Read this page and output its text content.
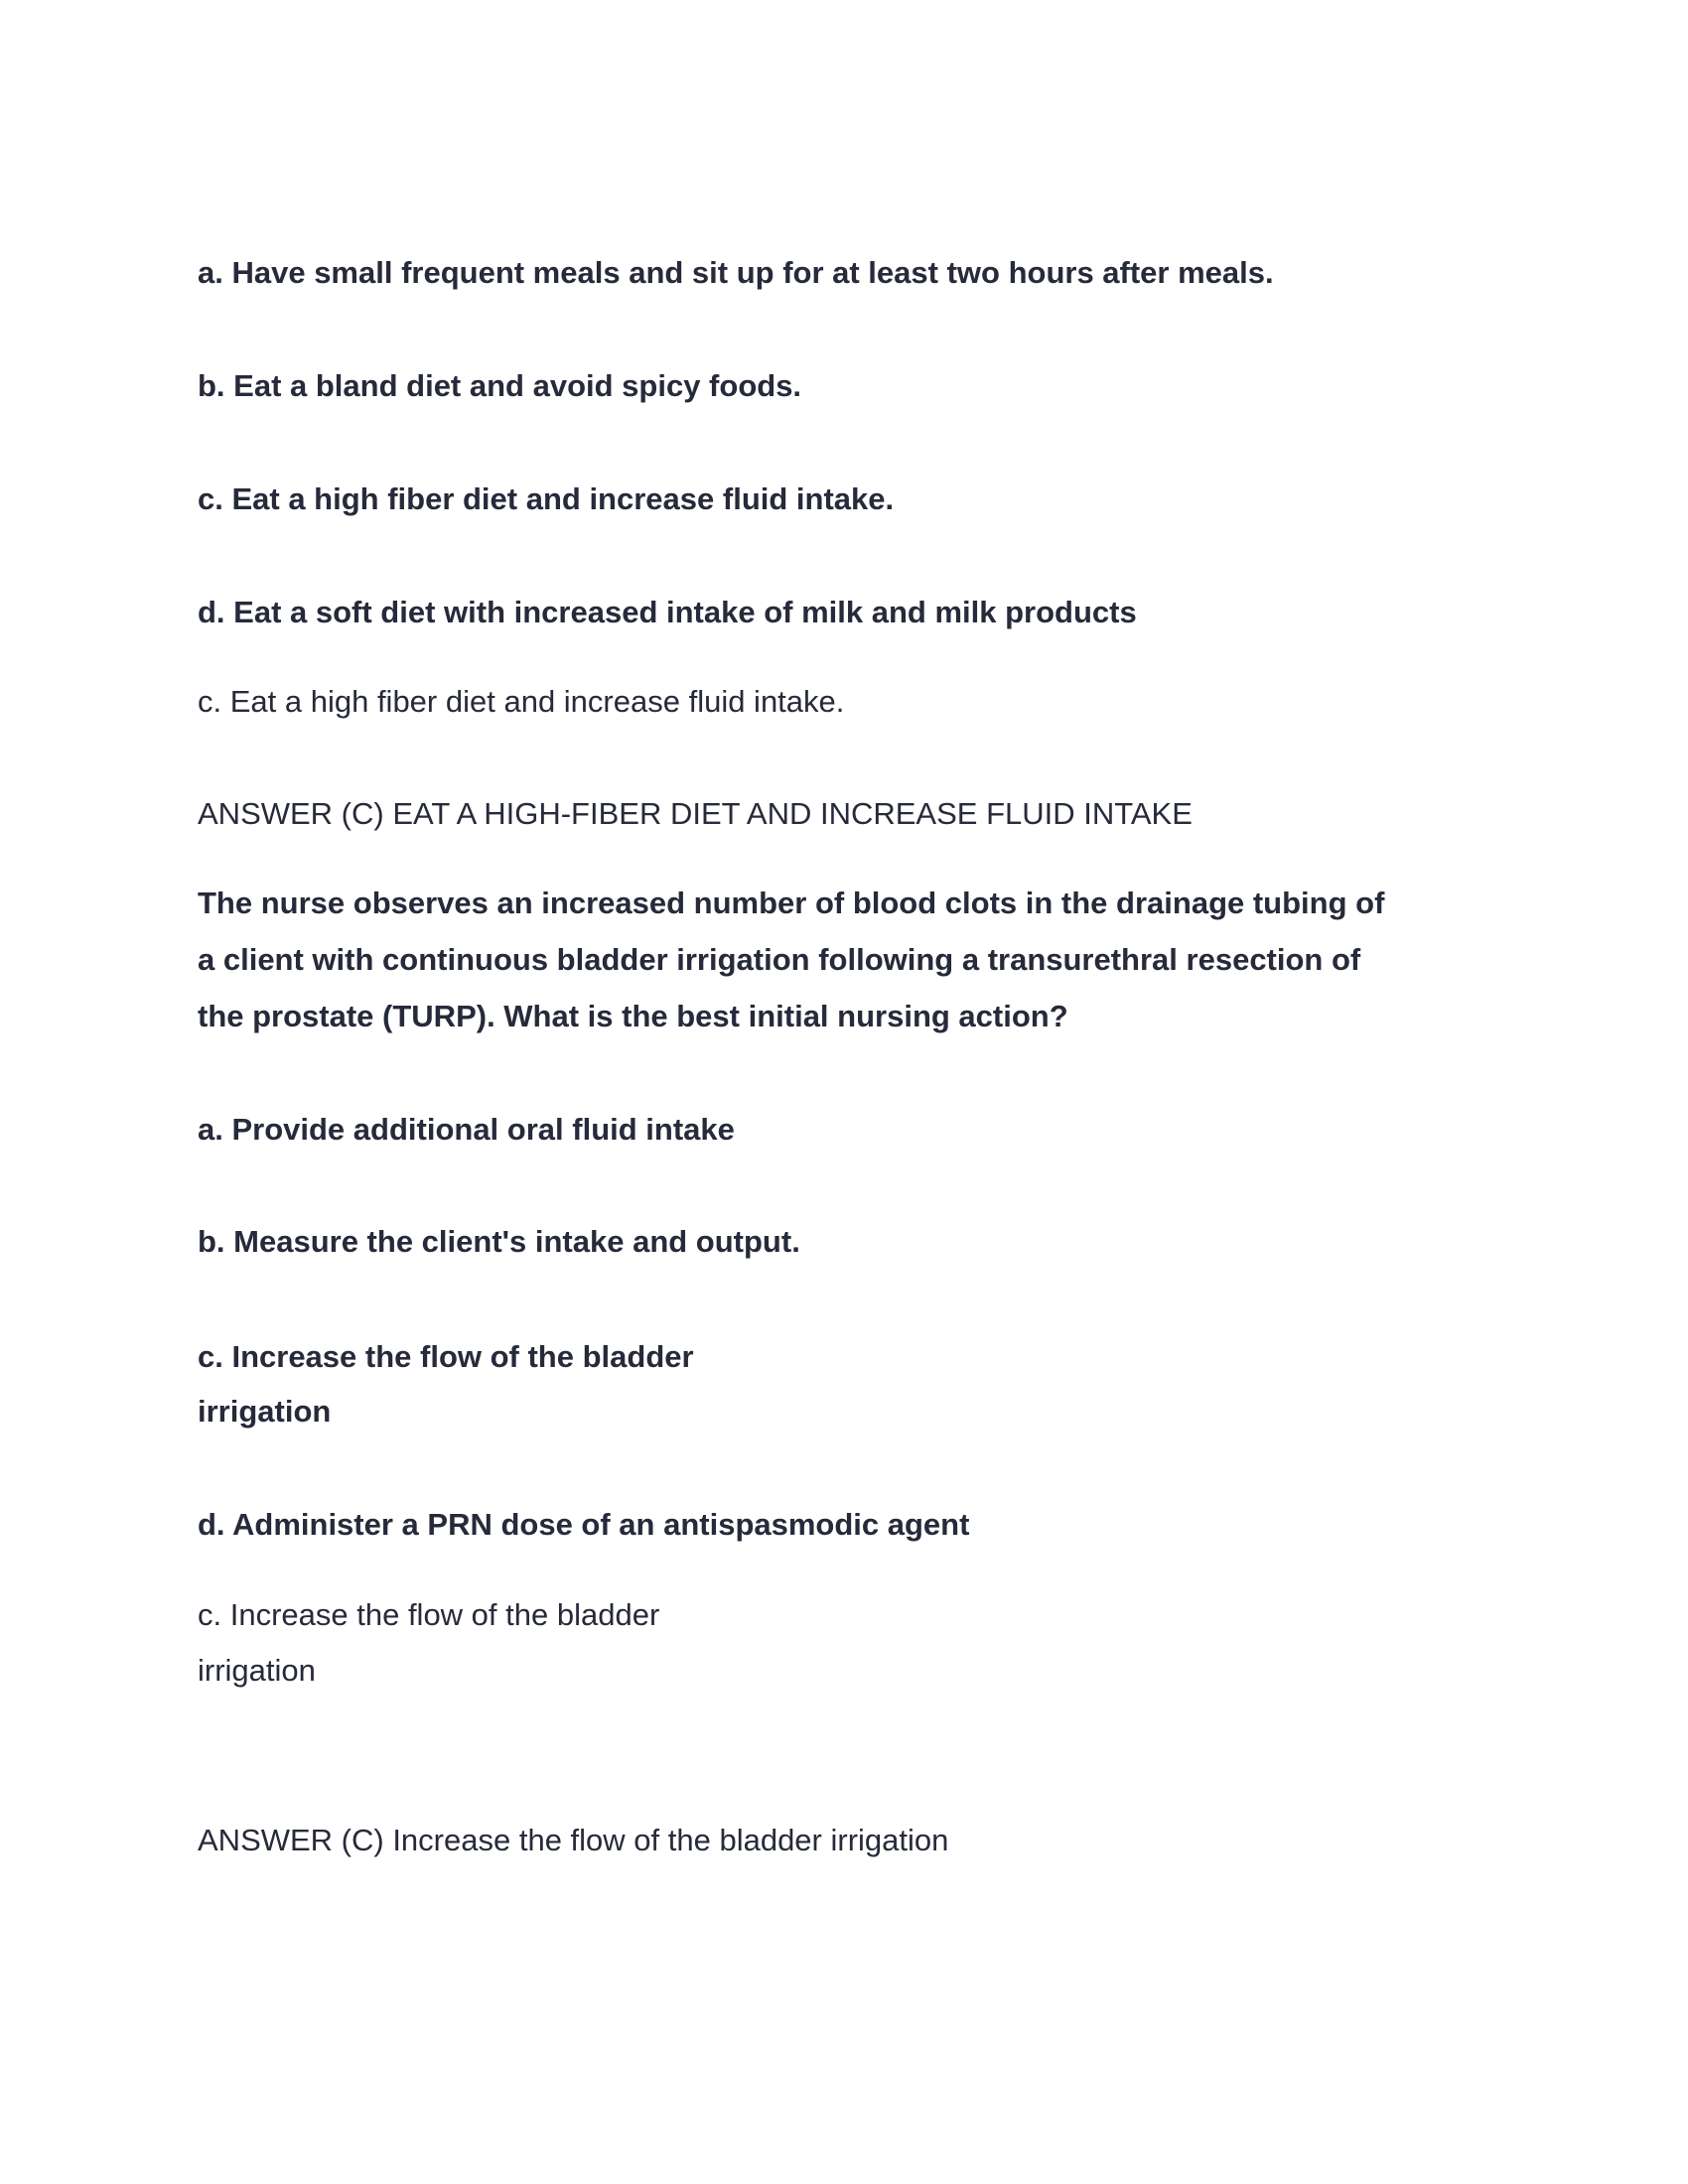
a. Have small frequent meals and sit up for at least two hours after meals.
b. Eat a bland diet and avoid spicy foods.
c. Eat a high fiber diet and increase fluid intake.
d. Eat a soft diet with increased intake of milk and milk products
c. Eat a high fiber diet and increase fluid intake.
ANSWER (C) EAT A HIGH-FIBER DIET AND INCREASE FLUID INTAKE
The nurse observes an increased number of blood clots in the drainage tubing of
a client with continuous bladder irrigation following a transurethral resection of
the prostate (TURP). What is the best initial nursing action?
a. Provide additional oral fluid intake
b. Measure the client's intake and output.
c. Increase the flow of the bladder
irrigation
d. Administer a PRN dose of an antispasmodic agent
c. Increase the flow of the bladder
irrigation
ANSWER (C) Increase the flow of the bladder irrigation
